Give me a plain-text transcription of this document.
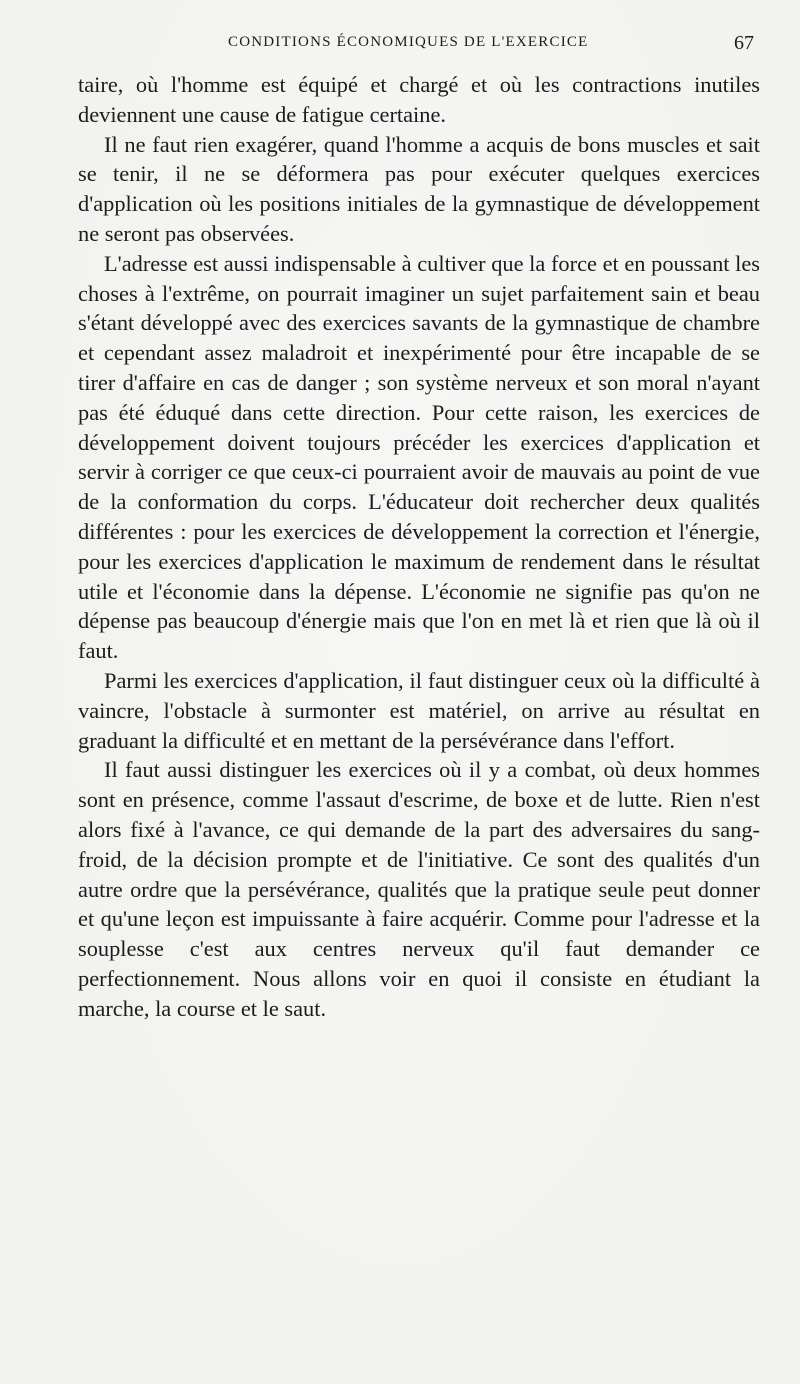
CONDITIONS ÉCONOMIQUES DE L'EXERCICE	67

taire, où l'homme est équipé et chargé et où les contractions inutiles deviennent une cause de fatigue certaine.

Il ne faut rien exagérer, quand l'homme a acquis de bons muscles et sait se tenir, il ne se déformera pas pour exécuter quelques exercices d'application où les positions initiales de la gymnastique de développement ne seront pas observées.

L'adresse est aussi indispensable à cultiver que la force et en poussant les choses à l'extrême, on pourrait imaginer un sujet parfaitement sain et beau s'étant développé avec des exercices savants de la gymnastique de chambre et cependant assez maladroit et inexpérimenté pour être incapable de se tirer d'affaire en cas de danger ; son système nerveux et son moral n'ayant pas été éduqué dans cette direction. Pour cette raison, les exercices de développement doivent toujours précéder les exercices d'application et servir à corriger ce que ceux-ci pourraient avoir de mauvais au point de vue de la conformation du corps. L'éducateur doit rechercher deux qualités différentes : pour les exercices de développement la correction et l'énergie, pour les exercices d'application le maximum de rendement dans le résultat utile et l'économie dans la dépense. L'économie ne signifie pas qu'on ne dépense pas beaucoup d'énergie mais que l'on en met là et rien que là où il faut.

Parmi les exercices d'application, il faut distinguer ceux où la difficulté à vaincre, l'obstacle à surmonter est matériel, on arrive au résultat en graduant la difficulté et en mettant de la persévérance dans l'effort.

Il faut aussi distinguer les exercices où il y a combat, où deux hommes sont en présence, comme l'assaut d'escrime, de boxe et de lutte. Rien n'est alors fixé à l'avance, ce qui demande de la part des adversaires du sang-froid, de la décision prompte et de l'initiative. Ce sont des qualités d'un autre ordre que la persévérance, qualités que la pratique seule peut donner et qu'une leçon est impuissante à faire acquérir. Comme pour l'adresse et la souplesse c'est aux centres nerveux qu'il faut demander ce perfectionnement. Nous allons voir en quoi il consiste en étudiant la marche, la course et le saut.
